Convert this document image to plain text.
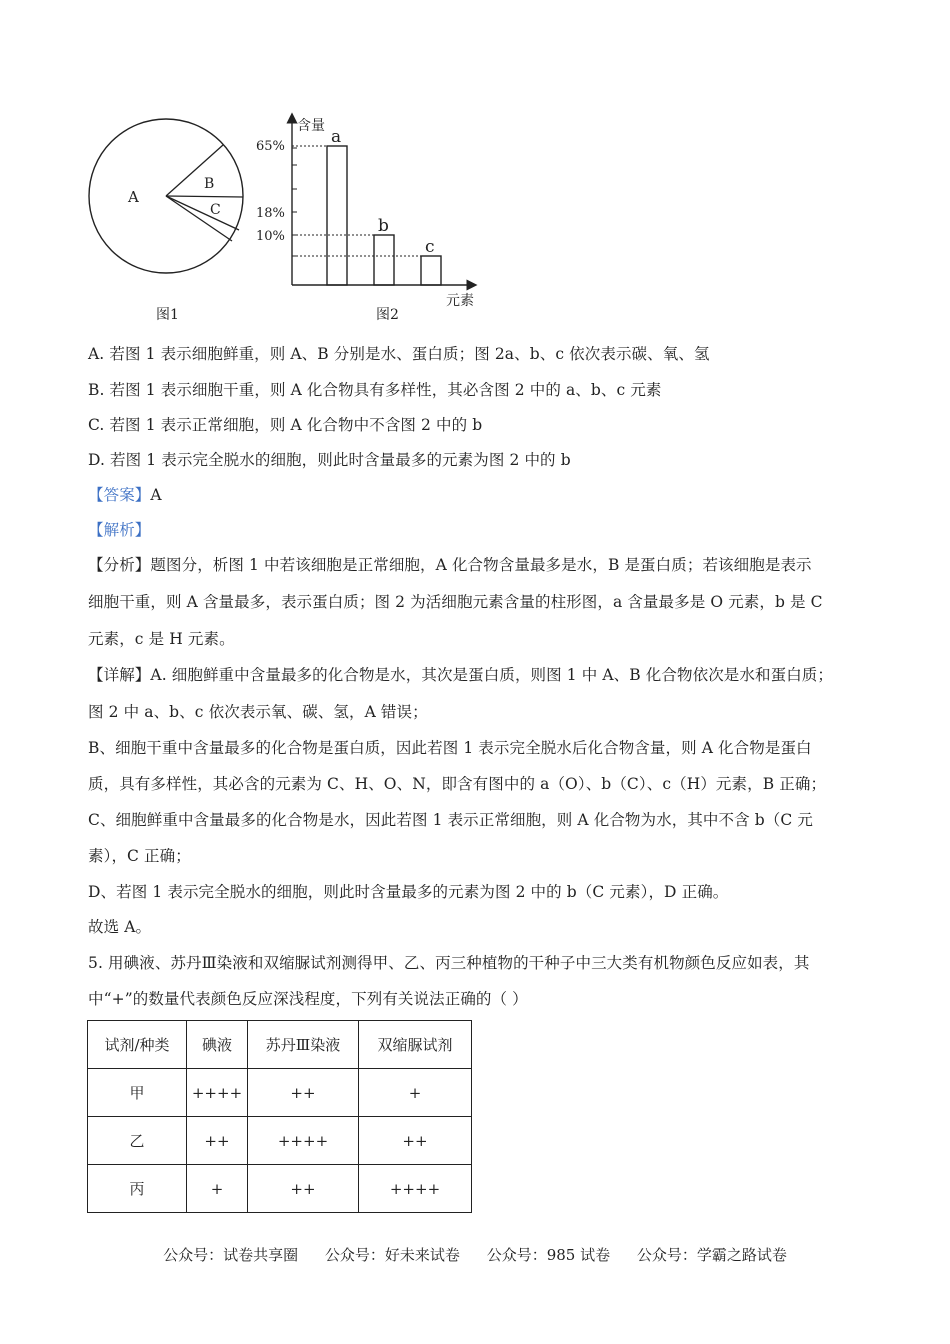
A
B
C
图1
含量
元素
图2
a
65%
b
18%
c
10%
A. 若图 1 表示细胞鲜重，则 A、B 分别是水、蛋白质；图 2a、b、c 依次表示碳、氧、氢
B. 若图 1 表示细胞干重，则 A 化合物具有多样性，其必含图 2 中的 a、b、c 元素
C. 若图 1 表示正常细胞，则 A 化合物中不含图 2 中的 b
D. 若图 1 表示完全脱水的细胞，则此时含量最多的元素为图 2 中的 b
【答案】A
【解析】
【分析】题图分，析图 1 中若该细胞是正常细胞，A 化合物含量最多是水，B 是蛋白质；若该细胞是表示
细胞干重，则 A 含量最多，表示蛋白质；图 2 为活细胞元素含量的柱形图，a 含量最多是 O 元素，b 是 C
元素，c 是 H 元素。
【详解】A. 细胞鲜重中含量最多的化合物是水，其次是蛋白质，则图 1 中 A、B 化合物依次是水和蛋白质；
图 2 中 a、b、c 依次表示氧、碳、氢，A 错误；
B、细胞干重中含量最多的化合物是蛋白质，因此若图 1 表示完全脱水后化合物含量，则 A 化合物是蛋白
质，具有多样性，其必含的元素为 C、H、O、N，即含有图中的 a（O）、b（C）、c（H）元素，B 正确；
C、细胞鲜重中含量最多的化合物是水，因此若图 1 表示正常细胞，则 A 化合物为水，其中不含 b（C 元
素），C 正确；
D、若图 1 表示完全脱水的细胞，则此时含量最多的元素为图 2 中的 b（C 元素），D 正确。
故选 A。
5. 用碘液、苏丹Ⅲ染液和双缩脲试剂测得甲、乙、丙三种植物的干种子中三大类有机物颜色反应如表，其
中“+”的数量代表颜色反应深浅程度，下列有关说法正确的（ ）
试剂/种类	碘液	苏丹Ⅲ染液	双缩脲试剂
甲	++++	++	+
乙	++	++++	++
丙	+	++	++++
公众号：试卷共享圈 公众号：好未来试卷 公众号：985 试卷 公众号：学霸之路试卷
